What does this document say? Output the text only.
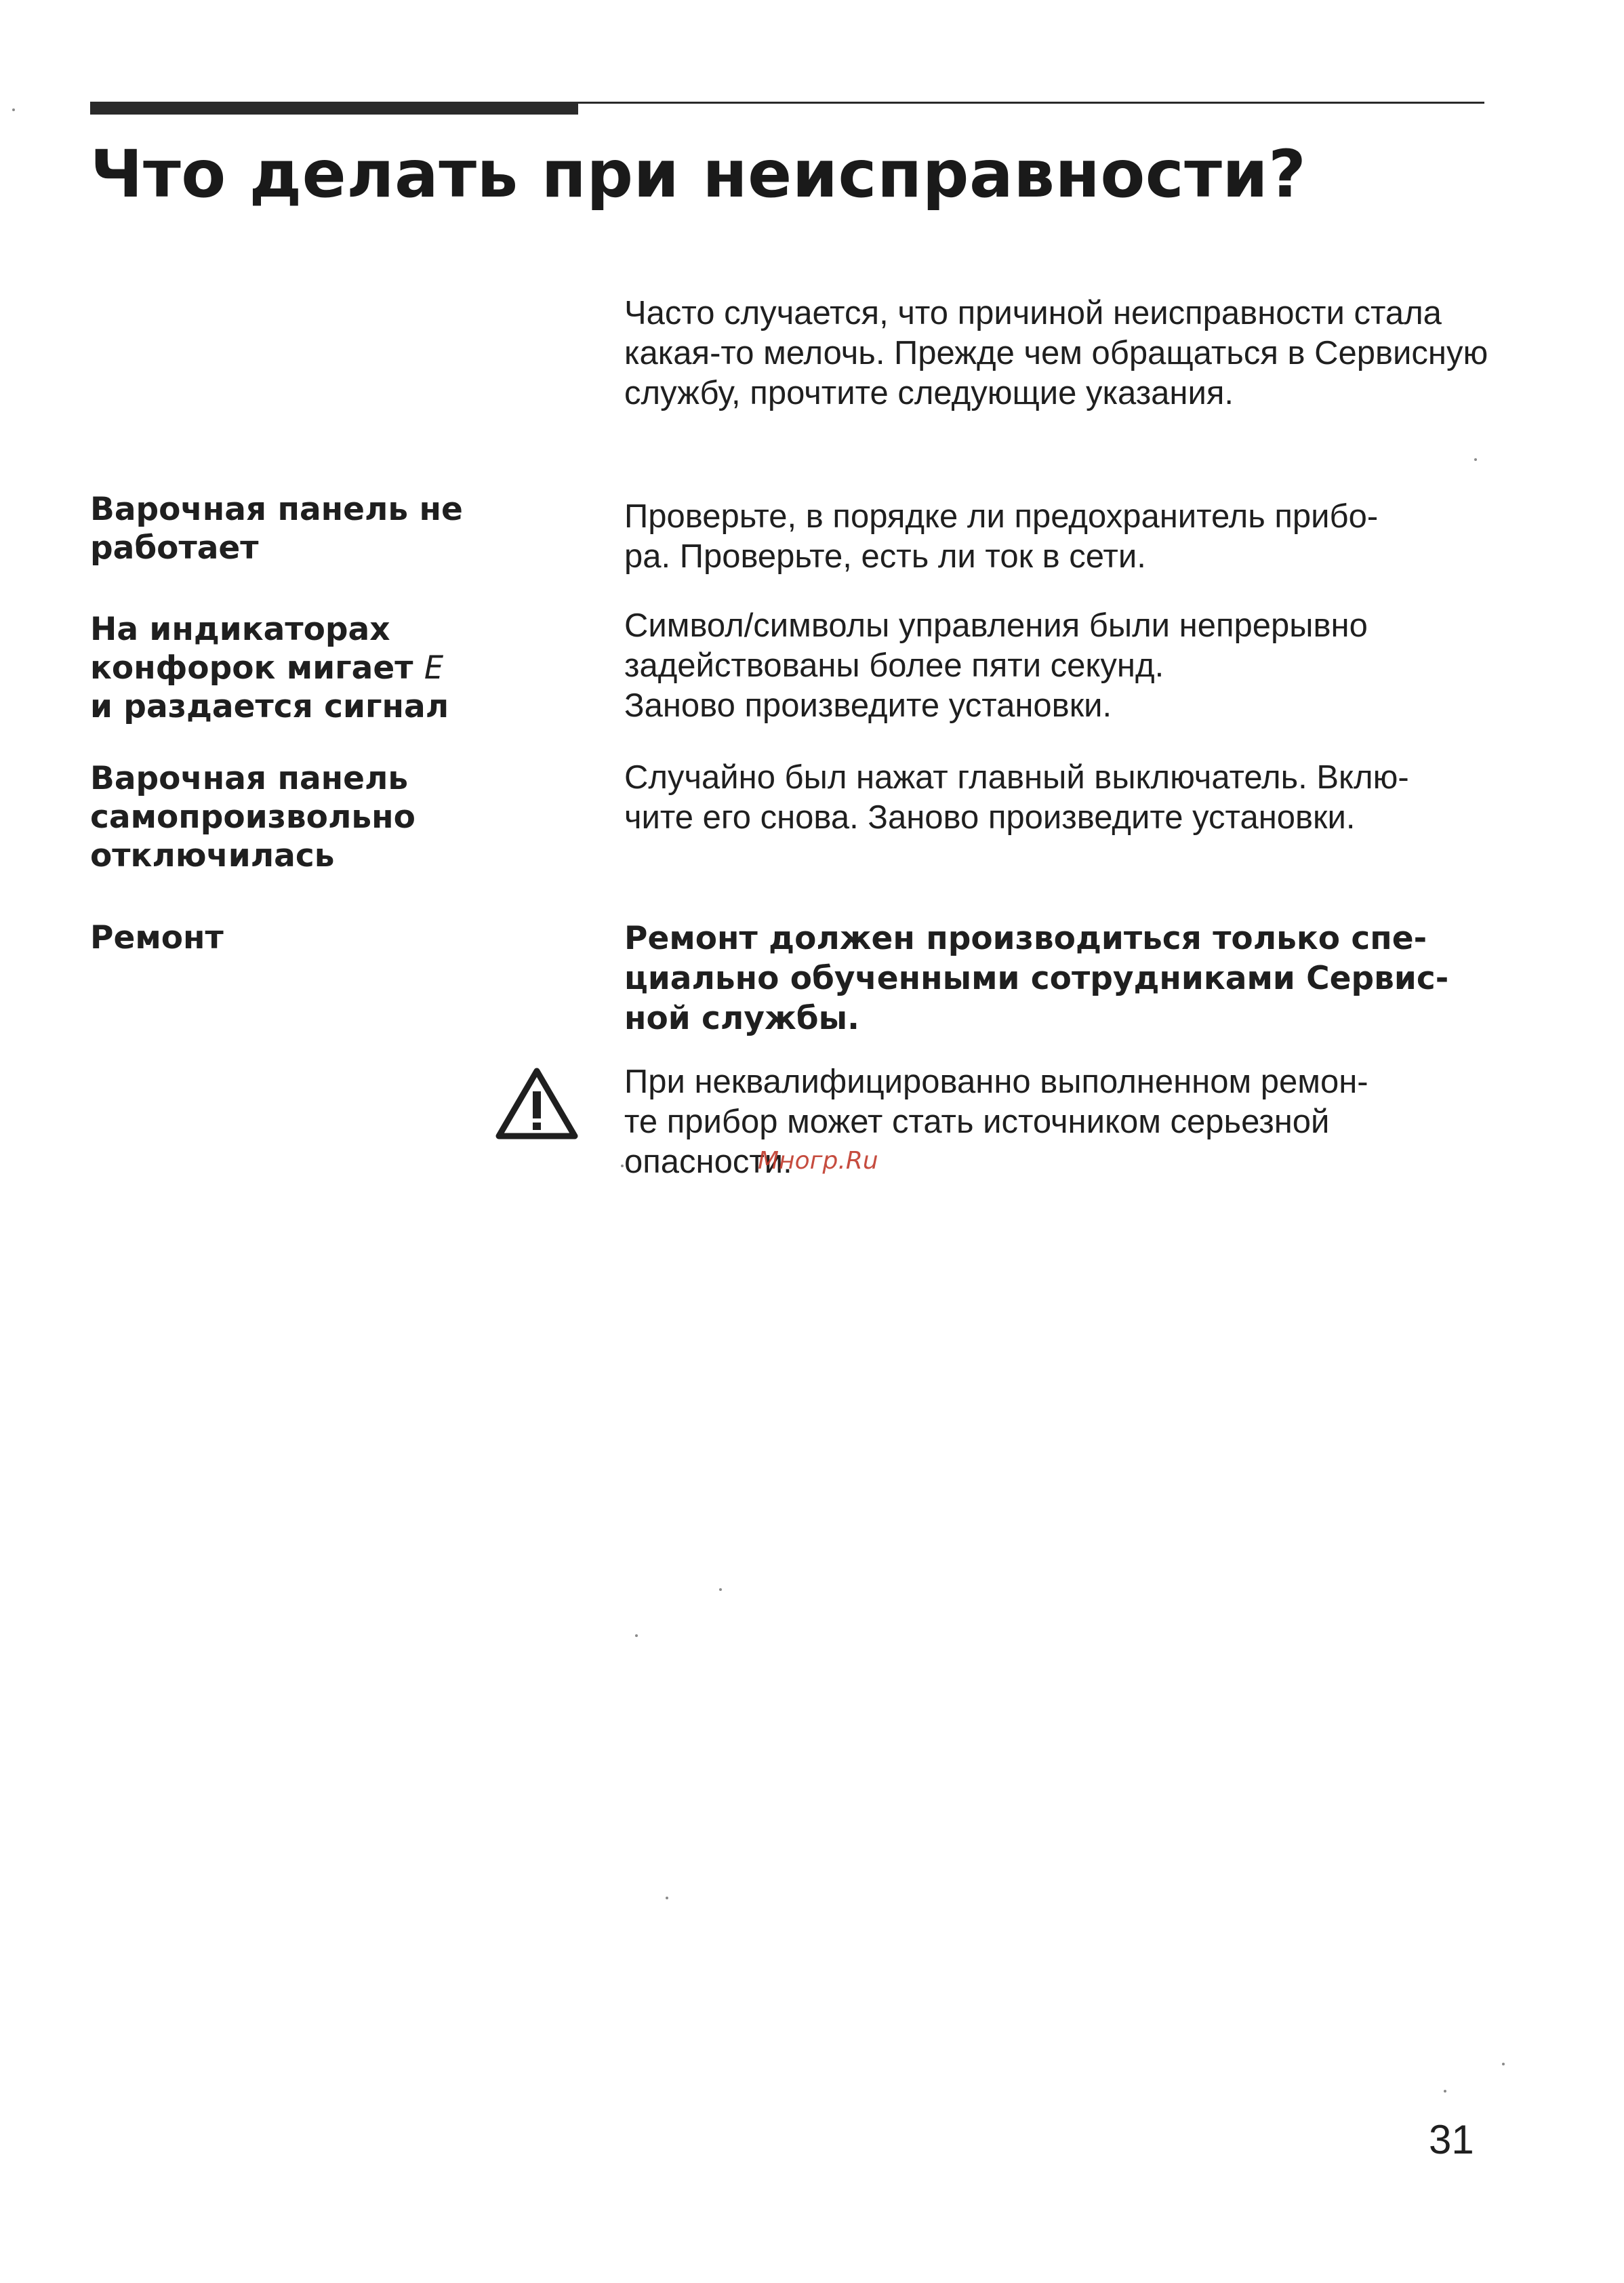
Что делать при неисправности?

Часто случается, что причиной неисправности стала какая-то мелочь. Прежде чем обращаться в Сервисную службу, прочтите следующие указания.

Варочная панель не
работает
Проверьте, в порядке ли предохранитель прибо-
ра. Проверьте, есть ли ток в сети.
На индикаторах
конфорок мигает E
и раздается сигнал
Символ/символы управления были непрерывно
задействованы более пяти секунд.
Заново произведите установки.
Варочная панель
самопроизвольно
отключилась
Случайно был нажат главный выключатель. Вклю-
чите его снова. Заново произведите установки.
Ремонт	Ремонт должен производиться только спе-
циально обученными сотрудниками Сервис-
ной службы.
При неквалифицированно выполненном ремон-
те прибор может стать источником серьезной
опасности.
Mногp.Ru
31
